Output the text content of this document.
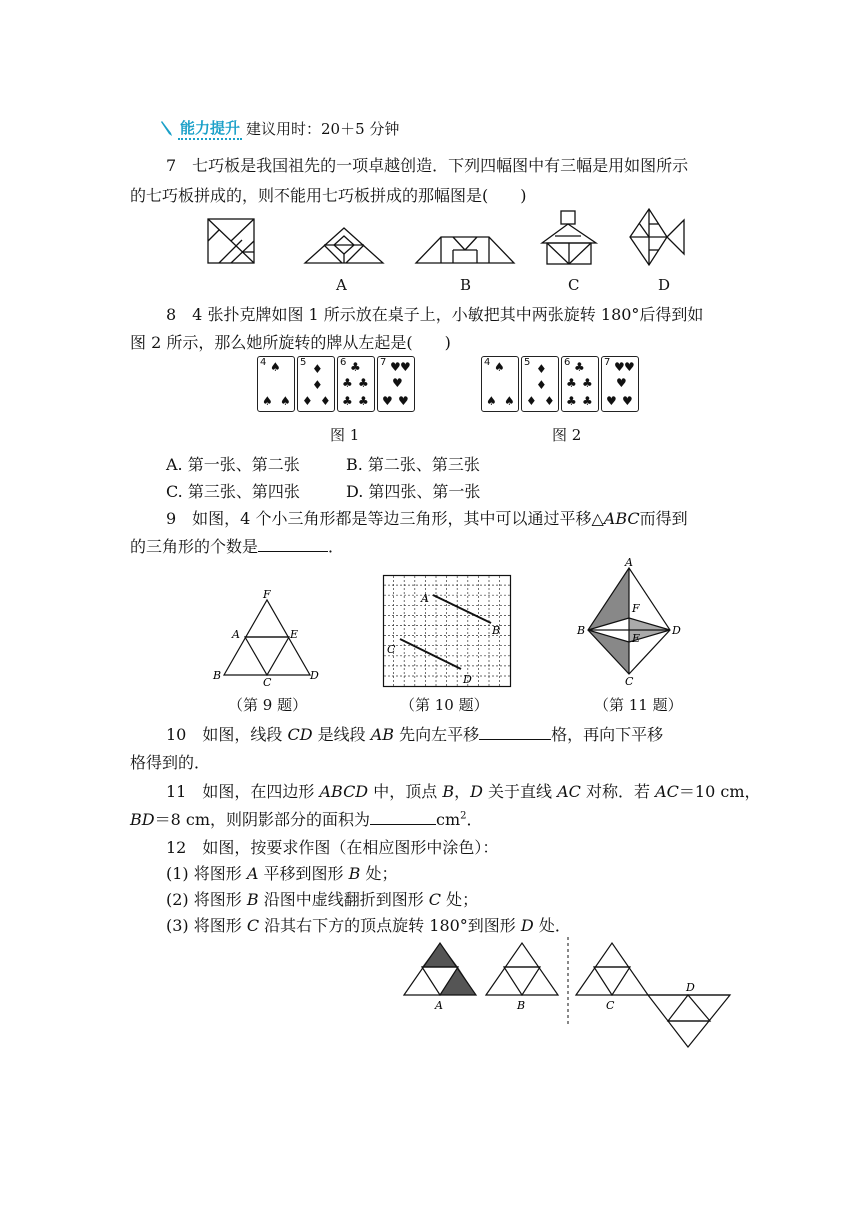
能力提升 建议用时：20＋5 分钟
7　七巧板是我国祖先的一项卓越创造．下列四幅图中有三幅是用如图所示
的七巧板拼成的，则不能用七巧板拼成的那幅图是(　　)
A	B	C	D
8　4 张扑克牌如图 1 所示放在桌子上，小敏把其中两张旋转 180°后得到如
图 2 所示，那么她所旋转的牌从左起是(　　)
4 ♠
♠ ♠
5 ♦
♦
♦ ♦
6 ♣
♣ ♣
♣ ♣
7 ♥ ♥
♥
♥ ♥
4 ♠
♠ ♠
5 ♦
♦
♦ ♦
6 ♣
♣ ♣
♣ ♣
7 ♥ ♥
♥
♥ ♥
图 1	图 2
A. 第一张、第二张	B. 第二张、第三张
C. 第三张、第四张	D. 第四张、第一张
9　如图，4 个小三角形都是等边三角形，其中可以通过平移△ABC而得到
的三角形的个数是	．
F
A	E
B
C
D
（第 9 题）
A
B
C
D
（第 10 题）
A
F
B
E
D
C
（第 11 题）
10　如图，线段 CD 是线段 AB 先向左平移	格，再向下平移
格得到的．
11　如图，在四边形 ABCD 中，顶点 B，D 关于直线 AC 对称．若 AC＝10 cm，
BD＝8 cm，则阴影部分的面积为	$cm^2$．
12　如图，按要求作图（在相应图形中涂色）：
(1) 将图形 A 平移到图形 B 处；
(2) 将图形 B 沿图中虚线翻折到图形 C 处；
(3) 将图形 C 沿其右下方的顶点旋转 180°到图形 D 处．
A	B	C
D
